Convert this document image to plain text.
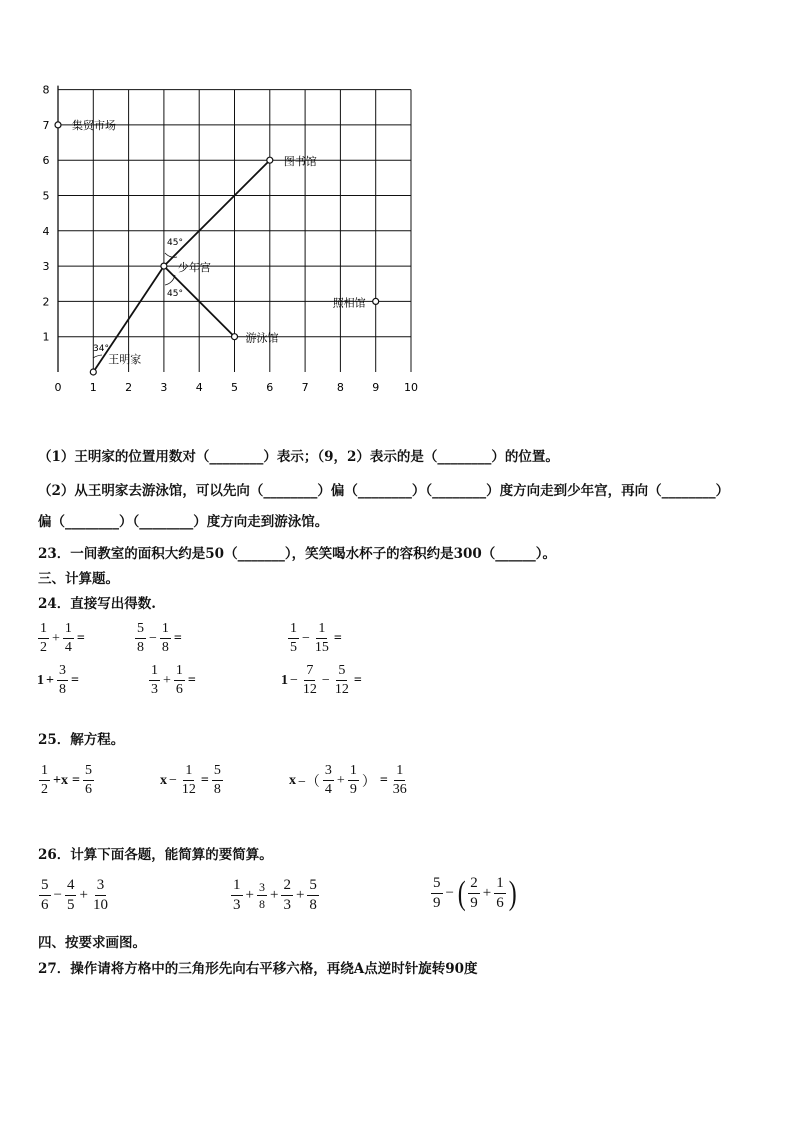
0	1	2	3	4	5	6	7	8	9 10
1
2
3
4
5
6
7
8
集贸市场
图书馆
少年宫
照相馆
游泳馆
王明家
45°
45°
34°
（1）王明家的位置用数对（________）表示；（9，2）表示的是（________）的位置。
（2）从王明家去游泳馆，可以先向（________）偏（________）（________）度方向走到少年宫，再向（________）
偏（________）（________）度方向走到游泳馆。
23．一间教室的面积大约是50（_______），笑笑喝水杯子的容积约是300（______）。
三、计算题。
24．直接写出得数.
$\frac{1}{2} + \frac{1}{4}$ =	$\frac{5}{8} - \frac{1}{8}$ =	$\frac{1}{5} - \frac{1}{15}$ =
$1 + \frac{3}{8}$ =	$\frac{1}{3} + \frac{1}{6}$ =	$1 - \frac{7}{12} - \frac{5}{12}$ =
25．解方程。
$\frac{1}{2} +x = \frac{5}{6}$	$x - \frac{1}{12} = \frac{5}{8}$	x −（ $\frac{3}{4} + \frac{1}{9}$ ） = $\frac{1}{36}$
26．计算下面各题，能简算的要简算。
$\frac{5}{6} - \frac{4}{5} + \frac{3}{10}$	$\frac{1}{3} + \frac{3}{8} + \frac{2}{3} + \frac{5}{8}$	$\frac{5}{9}$ − ( $\frac{2}{9} + \frac{1}{6}$ )
四、按要求画图。
27．操作请将方格中的三角形先向右平移六格，再绕A点逆时针旋转90度
